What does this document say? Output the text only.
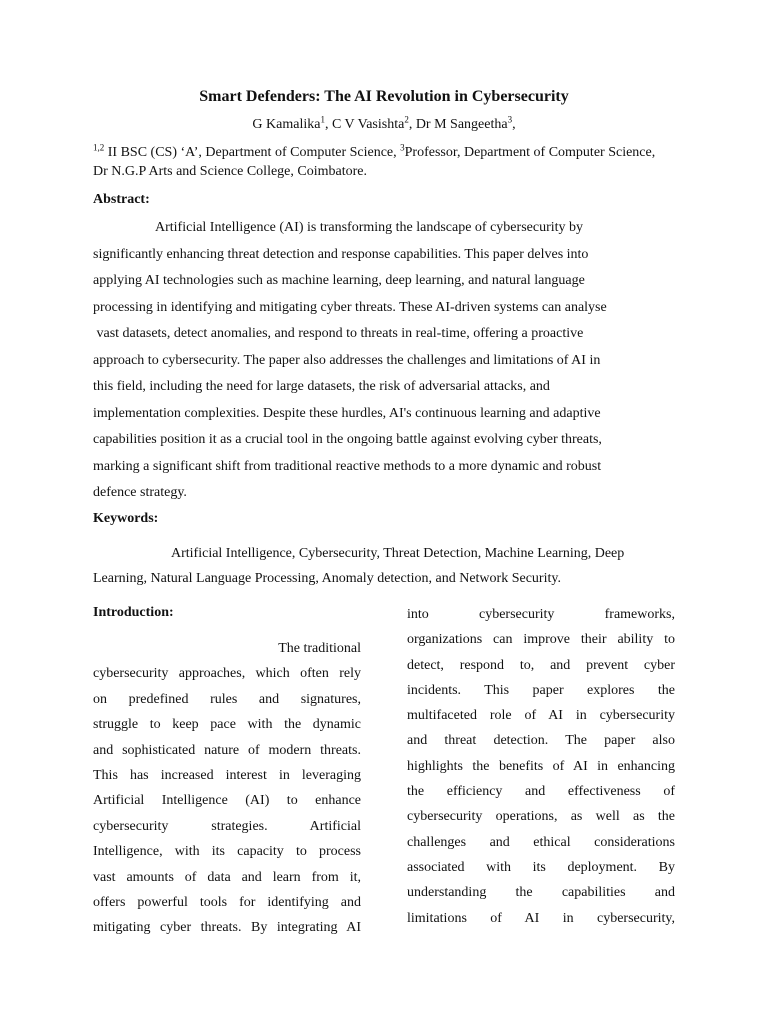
Smart Defenders: The AI Revolution in Cybersecurity
G Kamalika$^1$, C V Vasishta$^2$, Dr M Sangeetha$^3$,
$^{1,2}$ II BSC (CS) ‘A’, Department of Computer Science, $^3$Professor, Department of Computer Science, Dr N.G.P Arts and Science College, Coimbatore.
Abstract:
Artificial Intelligence (AI) is transforming the landscape of cybersecurity by
significantly enhancing threat detection and response capabilities. This paper delves into
applying AI technologies such as machine learning, deep learning, and natural language
processing in identifying and mitigating cyber threats. These AI-driven systems can analyse
vast datasets, detect anomalies, and respond to threats in real-time, offering a proactive
approach to cybersecurity. The paper also addresses the challenges and limitations of AI in
this field, including the need for large datasets, the risk of adversarial attacks, and
implementation complexities. Despite these hurdles, AI's continuous learning and adaptive
capabilities position it as a crucial tool in the ongoing battle against evolving cyber threats,
marking a significant shift from traditional reactive methods to a more dynamic and robust
defence strategy.
Keywords:
Artificial Intelligence, Cybersecurity, Threat Detection, Machine Learning, Deep
Learning, Natural Language Processing, Anomaly detection, and Network Security.
Introduction:
The traditional
cybersecurity approaches, which often rely
on predefined rules and signatures,
struggle to keep pace with the dynamic
and sophisticated nature of modern threats.
This has increased interest in leveraging
Artificial Intelligence (AI) to enhance
cybersecurity strategies. Artificial
Intelligence, with its capacity to process
vast amounts of data and learn from it,
offers powerful tools for identifying and
mitigating cyber threats. By integrating AI
into cybersecurity frameworks,
organizations can improve their ability to
detect, respond to, and prevent cyber
incidents. This paper explores the
multifaceted role of AI in cybersecurity
and threat detection. The paper also
highlights the benefits of AI in enhancing
the efficiency and effectiveness of
cybersecurity operations, as well as the
challenges and ethical considerations
associated with its deployment. By
understanding the capabilities and
limitations of AI in cybersecurity,
